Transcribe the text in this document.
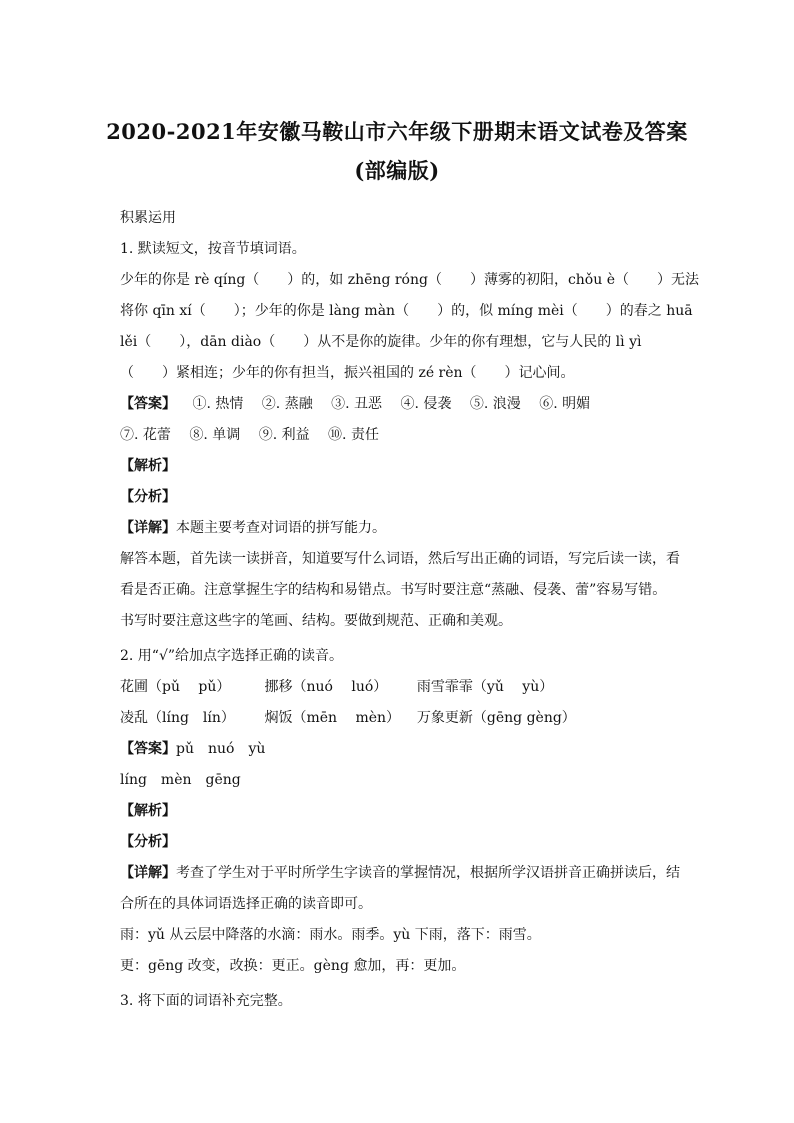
2020-2021年安徽马鞍山市六年级下册期末语文试卷及答案
(部编版)
积累运用
1. 默读短文，按音节填词语。
少年的你是 rè qíng（　　）的，如 zhēng róng（　　）薄雾的初阳，chǒu è（　　）无法
将你 qīn xí（　　）；少年的你是 làng màn（　　）的，似 míng mèi（　　）的春之 huā
lěi（　　），dān diào（　　）从不是你的旋律。少年的你有理想，它与人民的 lì yì
（　　）紧相连；少年的你有担当，振兴祖国的 zé rèn（　　）记心间。
【答案】 ①. 热情　 ②. 蒸融　 ③. 丑恶　 ④. 侵袭　 ⑤. 浪漫　 ⑥. 明媚
⑦. 花蕾　 ⑧. 单调　 ⑨. 利益　 ⑩. 责任
【解析】
【分析】
【详解】本题主要考查对词语的拼写能力。
解答本题，首先读一读拼音，知道要写什么词语，然后写出正确的词语，写完后读一读，看
看是否正确。注意掌握生字的结构和易错点。书写时要注意“蒸融、侵袭、蕾”容易写错。
书写时要注意这些字的笔画、结构。要做到规范、正确和美观。
2. 用“√”给加点字选择正确的读音。
花圃（pǔ　 pǔ） 挪移（nuó　 luó） 雨雪霏霏（yǔ　 yù）
凌乱（líng　lín） 焖饭（mēn　 mèn） 万象更新（gēng gèng）
【答案】pǔ　nuó　yù
líng　mèn　gēng
【解析】
【分析】
【详解】考查了学生对于平时所学生字读音的掌握情况，根据所学汉语拼音正确拼读后，结
合所在的具体词语选择正确的读音即可。
雨：yǔ 从云层中降落的水滴：雨水。雨季。yù 下雨，落下：雨雪。
更：gēng 改变，改换：更正。gèng 愈加，再：更加。
3. 将下面的词语补充完整。
